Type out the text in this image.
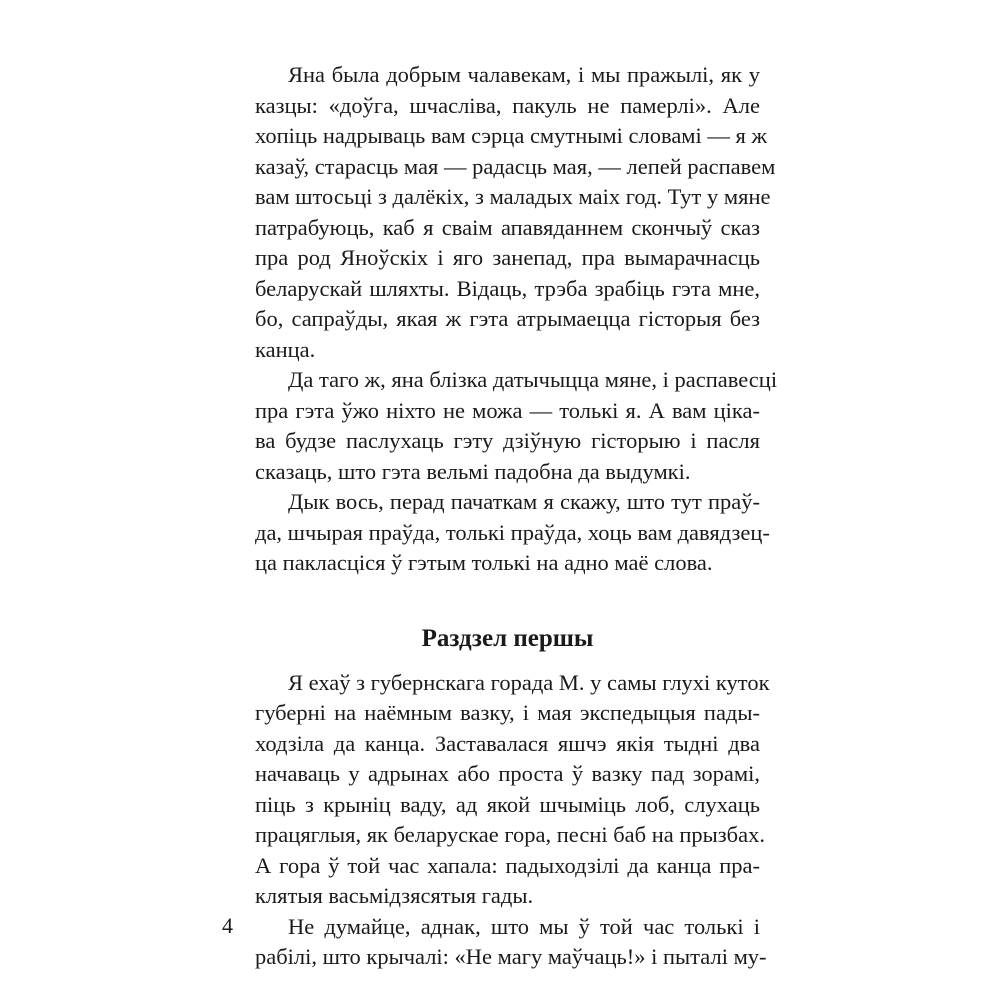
Яна была добрым чалавекам, і мы пражылі, як у
казцы: «доўга, шчасліва, пакуль не памерлі». Але
хопіць надрываць вам сэрца смутнымі словамі — я ж
казаў, старасць мая — радасць мая, — лепей распавем
вам штосьці з далёкіх, з маладых маіх год. Тут у мяне
патрабуюць, каб я сваім апавяданнем скончыў сказ
пра род Яноўскіх і яго занепад, пра вымарачнасць
беларускай шляхты. Відаць, трэба зрабіць гэта мне,
бо, сапраўды, якая ж гэта атрымаецца гісторыя без
канца.
Да таго ж, яна блізка датычыцца мяне, і распавесці
пра гэта ўжо ніхто не можа — толькі я. А вам ціка-
ва будзе паслухаць гэту дзіўную гісторыю і пасля
сказаць, што гэта вельмі падобна да выдумкі.
Дык вось, перад пачаткам я скажу, што тут праў-
да, шчырая праўда, толькі праўда, хоць вам давядзец-
ца пакласціся ў гэтым толькі на адно маё слова.
Раздзел першы
Я ехаў з губернскага горада М. у самы глухі куток
губерні на наёмным вазку, і мая экспедыцыя пады-
ходзіла да канца. Заставалася яшчэ якія тыдні два
начаваць у адрынах або проста ў вазку пад зорамі,
піць з крыніц ваду, ад якой шчыміць лоб, слухаць
працяглыя, як беларускае гора, песні баб на прызбах.
А гора ў той час хапала: падыходзілі да канца пра-
клятыя васьмідзясятыя гады.
Не думайце, аднак, што мы ў той час толькі і
рабілі, што крычалі: «Не магу маўчаць!» і пыталі му-
4
